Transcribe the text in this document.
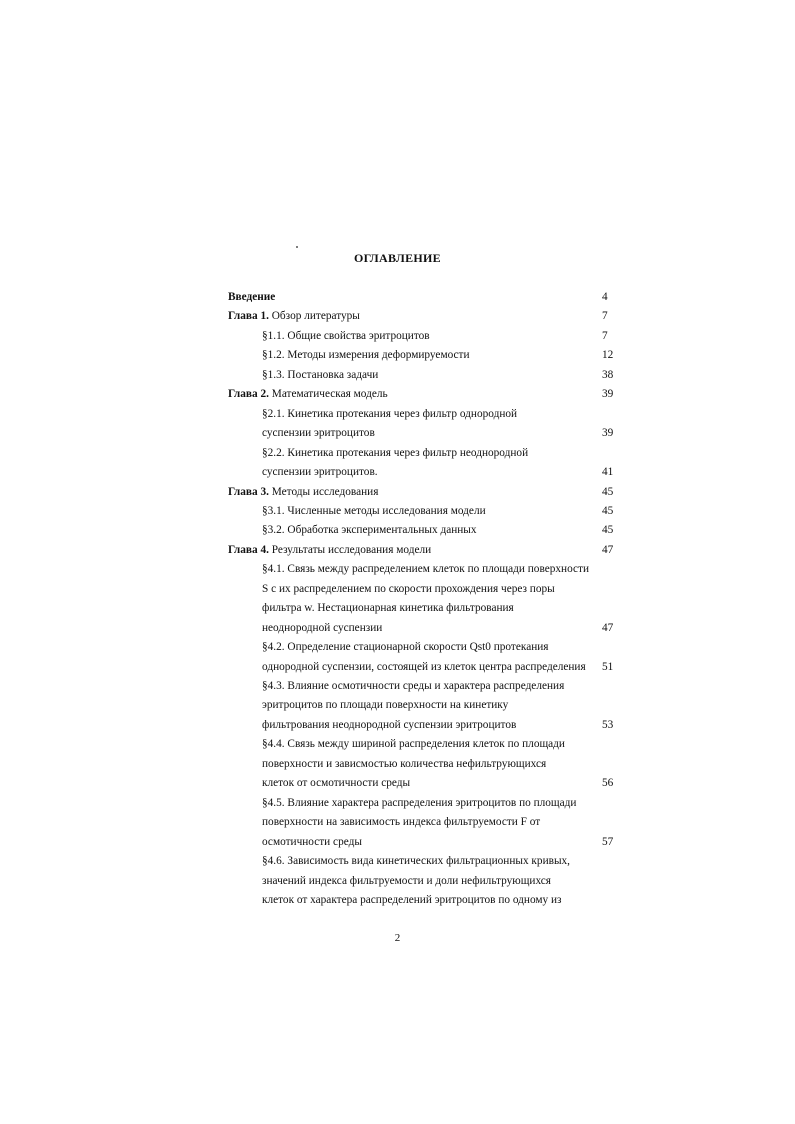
ОГЛАВЛЕНИЕ
Введение	4
Глава 1. Обзор литературы	7
§1.1. Общие свойства эритроцитов	7
§1.2. Методы измерения деформируемости	12
§1.3. Постановка задачи	38
Глава 2. Математическая модель	39
§2.1. Кинетика протекания через фильтр однородной
суспензии эритроцитов	39
§2.2. Кинетика протекания через фильтр неоднородной
суспензии эритроцитов.	41
Глава 3. Методы исследования	45
§3.1. Численные методы исследования модели	45
§3.2. Обработка экспериментальных данных	45
Глава 4. Результаты исследования модели	47
§4.1. Связь между распределением клеток по площади поверхности
S с их распределением по скорости прохождения через поры
фильтра w. Нестационарная кинетика фильтрования
неоднородной суспензии	47
§4.2. Определение стационарной скорости Qst0 протекания
однородной суспензии, состоящей из клеток центра распределения 51
§4.3. Влияние осмотичности среды и характера распределения
эритроцитов по площади поверхности на кинетику
фильтрования неоднородной суспензии эритроцитов	53
§4.4. Связь между шириной распределения клеток по площади
поверхности и зависмостью количества нефильтрующихся
клеток от осмотичности среды	56
§4.5. Влияние характера распределения эритроцитов по площади
поверхности на зависимость индекса фильтруемости F от
осмотичности среды	57
§4.6. Зависимость вида кинетических фильтрационных кривых,
значений индекса фильтруемости и доли нефильтрующихся
клеток от характера распределений эритроцитов по одному из
2
